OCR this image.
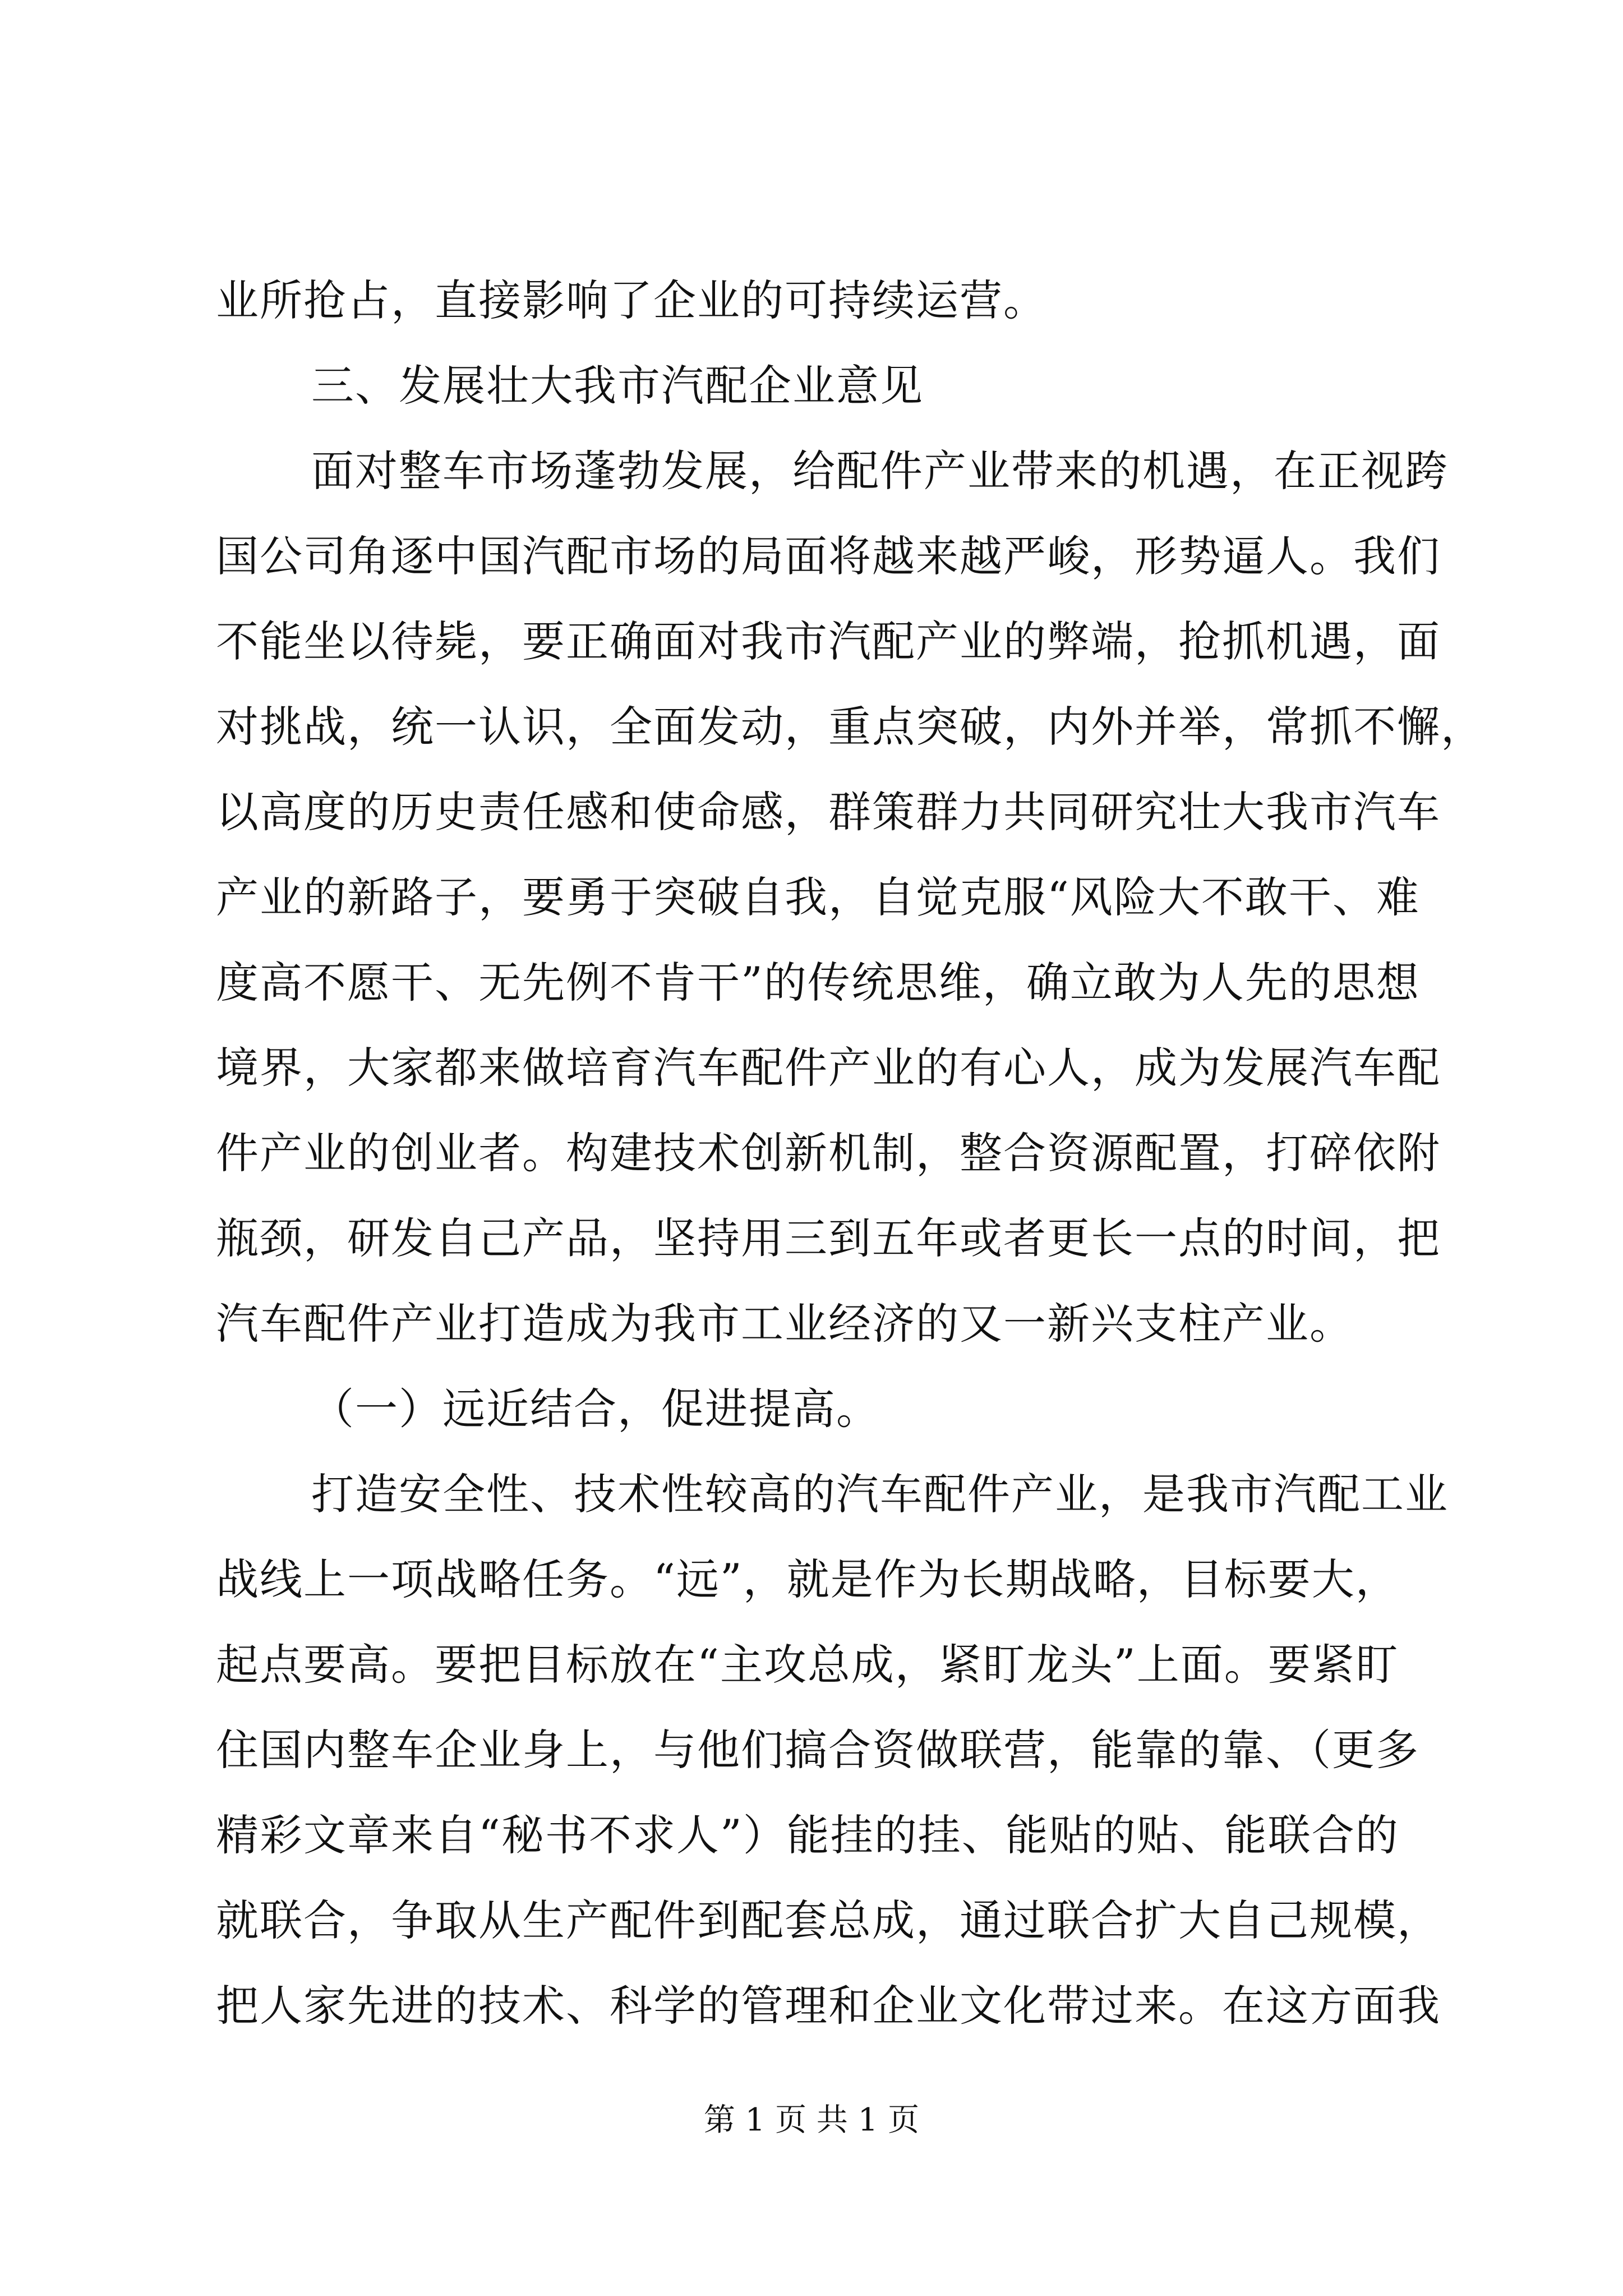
业所抢占，直接影响了企业的可持续运营。
三、发展壮大我市汽配企业意见
面对整车市场蓬勃发展，给配件产业带来的机遇，在正视跨
国公司角逐中国汽配市场的局面将越来越严峻，形势逼人。我们
不能坐以待毙，要正确面对我市汽配产业的弊端，抢抓机遇，面
对挑战，统一认识，全面发动，重点突破，内外并举，常抓不懈，
以高度的历史责任感和使命感，群策群力共同研究壮大我市汽车
产业的新路子，要勇于突破自我，自觉克服“风险大不敢干、难
度高不愿干、无先例不肯干”的传统思维，确立敢为人先的思想
境界，大家都来做培育汽车配件产业的有心人，成为发展汽车配
件产业的创业者。构建技术创新机制，整合资源配置，打碎依附
瓶颈，研发自己产品，坚持用三到五年或者更长一点的时间，把
汽车配件产业打造成为我市工业经济的又一新兴支柱产业。
（一）远近结合，促进提高。
打造安全性、技术性较高的汽车配件产业，是我市汽配工业
战线上一项战略任务。“远”，就是作为长期战略，目标要大，
起点要高。要把目标放在“主攻总成，紧盯龙头”上面。要紧盯
住国内整车企业身上，与他们搞合资做联营，能靠的靠、（更多
精彩文章来自“秘书不求人”）能挂的挂、能贴的贴、能联合的
就联合，争取从生产配件到配套总成，通过联合扩大自己规模，
把人家先进的技术、科学的管理和企业文化带过来。在这方面我
第 1 页 共 1 页
